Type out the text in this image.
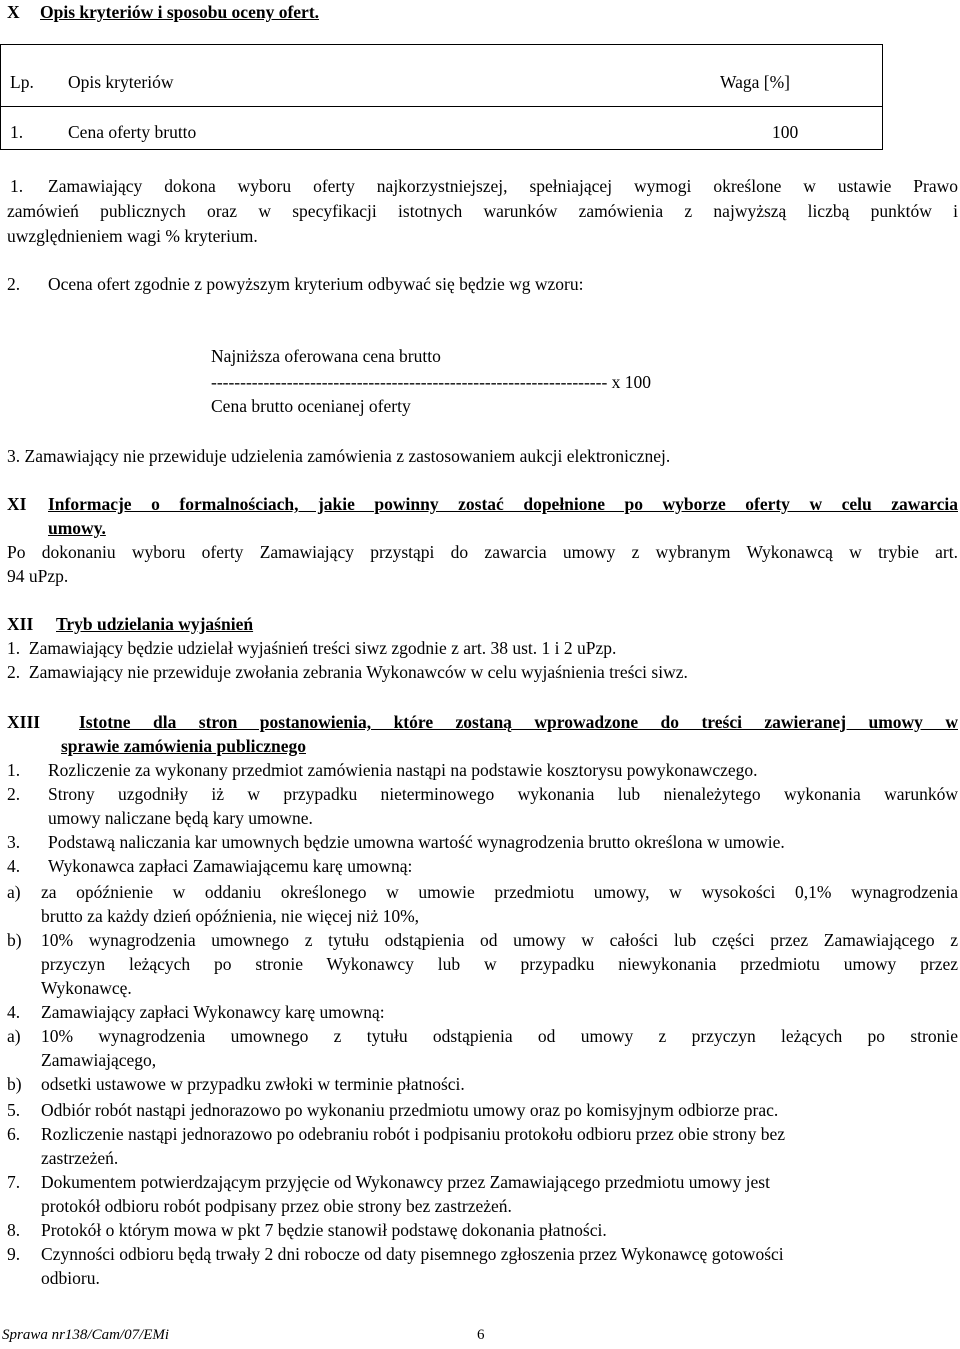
X Opis kryteriów i sposobu oceny ofert.
Lp. Opis kryteriów	Waga [%]
1.	Cena oferty brutto	100
1. Zamawiający dokona wyboru oferty najkorzystniejszej, spełniającej wymogi określone w ustawie Prawo
zamówień publicznych oraz w specyfikacji istotnych warunków zamówienia z najwyższą liczbą punktów i
uwzględnieniem wagi % kryterium.
2. Ocena ofert zgodnie z powyższym kryterium odbywać się będzie wg wzoru:
Najniższa oferowana cena brutto
-------------------------------------------------------------------- x 100
Cena brutto ocenianej oferty
3. Zamawiający nie przewiduje udzielenia zamówienia z zastosowaniem aukcji elektronicznej.
XI Informacje o formalnościach, jakie powinny zostać dopełnione po wyborze oferty w celu zawarcia
umowy.
Po dokonaniu wyboru oferty Zamawiający przystąpi do zawarcia umowy z wybranym Wykonawcą w trybie art.
94 uPzp.
XII Tryb udzielania wyjaśnień
1.  Zamawiający będzie udzielał wyjaśnień treści siwz zgodnie z art. 38 ust. 1 i 2 uPzp.
2.  Zamawiający nie przewiduje zwołania zebrania Wykonawców w celu wyjaśnienia treści siwz.
XIII Istotne dla stron postanowienia, które zostaną wprowadzone do treści zawieranej umowy w
sprawie zamówienia publicznego
1. Rozliczenie za wykonany przedmiot zamówienia nastąpi na podstawie kosztorysu powykonawczego.
2. Strony uzgodniły iż w przypadku nieterminowego wykonania lub nienależytego wykonania warunków
umowy naliczane będą kary umowne.
3. Podstawą naliczania kar umownych będzie umowna wartość wynagrodzenia brutto określona w umowie.
4. Wykonawca zapłaci Zamawiającemu karę umowną:
a) za opóźnienie w oddaniu określonego w umowie przedmiotu umowy, w wysokości 0,1% wynagrodzenia
brutto za każdy dzień opóźnienia, nie więcej niż 10%,
b) 10% wynagrodzenia umownego z tytułu odstąpienia od umowy w całości lub części przez Zamawiającego z
przyczyn leżących po stronie Wykonawcy lub w przypadku niewykonania przedmiotu umowy przez
Wykonawcę.
4. Zamawiający zapłaci Wykonawcy karę umowną:
a) 10% wynagrodzenia umownego z tytułu odstąpienia od umowy z przyczyn leżących po stronie
Zamawiającego,
b) odsetki ustawowe w przypadku zwłoki w terminie płatności.
5. Odbiór robót nastąpi jednorazowo po wykonaniu przedmiotu umowy oraz po komisyjnym odbiorze prac.
6. Rozliczenie nastąpi jednorazowo po odebraniu robót i podpisaniu protokołu odbioru przez obie strony bez
zastrzeżeń.
7. Dokumentem potwierdzającym przyjęcie od Wykonawcy przez Zamawiającego przedmiotu umowy jest
protokół odbioru robót podpisany przez obie strony bez zastrzeżeń.
8. Protokół o którym mowa w pkt 7 będzie stanowił podstawę dokonania płatności.
9. Czynności odbioru będą trwały 2 dni robocze od daty pisemnego zgłoszenia przez Wykonawcę gotowości
odbioru.
Sprawa nr138/Cam/07/EMi	6
